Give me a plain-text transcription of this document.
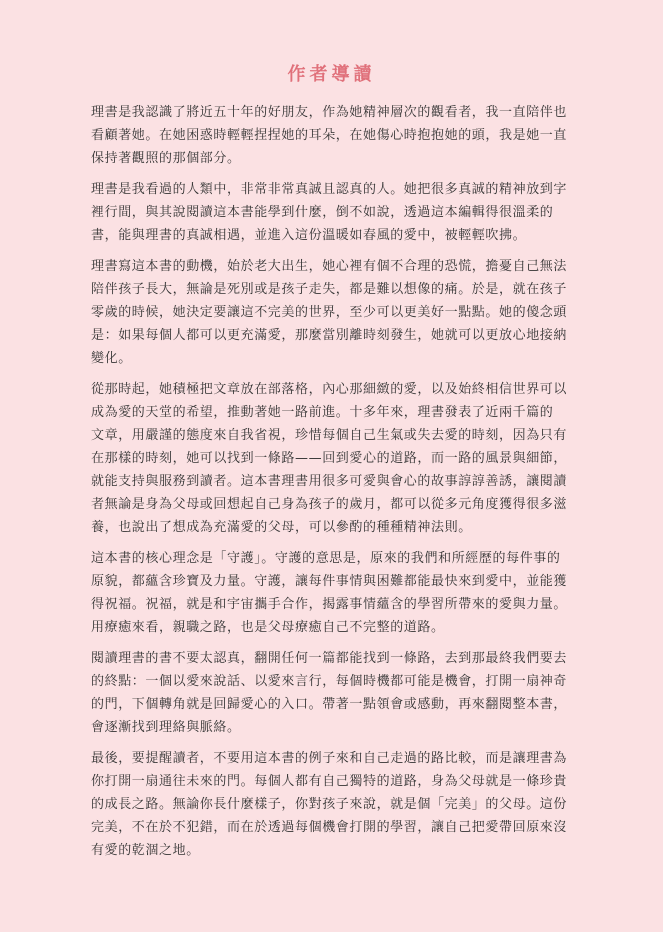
作者導讀

理書是我認識了將近五十年的好朋友，作為她精神層次的觀看者，我一直陪伴也
看顧著她。在她困惑時輕輕捏捏她的耳朵，在她傷心時抱抱她的頭，我是她一直
保持著觀照的那個部分。

理書是我看過的人類中，非常非常真誠且認真的人。她把很多真誠的精神放到字
裡行間，與其說閱讀這本書能學到什麼，倒不如說，透過這本編輯得很溫柔的
書，能與理書的真誠相遇，並進入這份溫暖如春風的愛中，被輕輕吹拂。

理書寫這本書的動機，始於老大出生，她心裡有個不合理的恐慌，擔憂自己無法
陪伴孩子長大，無論是死別或是孩子走失，都是難以想像的痛。於是，就在孩子
零歲的時候，她決定要讓這不完美的世界，至少可以更美好一點點。她的傻念頭
是：如果每個人都可以更充滿愛，那麼當別離時刻發生，她就可以更放心地接納
變化。

從那時起，她積極把文章放在部落格，內心那細緻的愛，以及始終相信世界可以
成為愛的天堂的希望，推動著她一路前進。十多年來，理書發表了近兩千篇的
文章，用嚴謹的態度來自我省視，珍惜每個自己生氣或失去愛的時刻，因為只有
在那樣的時刻，她可以找到一條路——回到愛心的道路，而一路的風景與細節，
就能支持與服務到讀者。這本書理書用很多可愛與會心的故事諄諄善誘，讓閱讀
者無論是身為父母或回想起自己身為孩子的歲月，都可以從多元角度獲得很多滋
養，也說出了想成為充滿愛的父母，可以參酌的種種精神法則。

這本書的核心理念是「守護」。守護的意思是，原來的我們和所經歷的每件事的
原貌，都蘊含珍寶及力量。守護，讓每件事情與困難都能最快來到愛中，並能獲
得祝福。祝福，就是和宇宙攜手合作，揭露事情蘊含的學習所帶來的愛與力量。
用療癒來看，親職之路，也是父母療癒自己不完整的道路。

閱讀理書的書不要太認真，翻開任何一篇都能找到一條路，去到那最終我們要去
的終點：一個以愛來說話、以愛來言行，每個時機都可能是機會，打開一扇神奇
的門，下個轉角就是回歸愛心的入口。帶著一點領會或感動，再來翻閱整本書，
會逐漸找到理絡與脈絡。

最後，要提醒讀者，不要用這本書的例子來和自己走過的路比較，而是讓理書為
你打開一扇通往未來的門。每個人都有自己獨特的道路，身為父母就是一條珍貴
的成長之路。無論你長什麼樣子，你對孩子來說，就是個「完美」的父母。這份
完美，不在於不犯錯，而在於透過每個機會打開的學習，讓自己把愛帶回原來沒
有愛的乾涸之地。
